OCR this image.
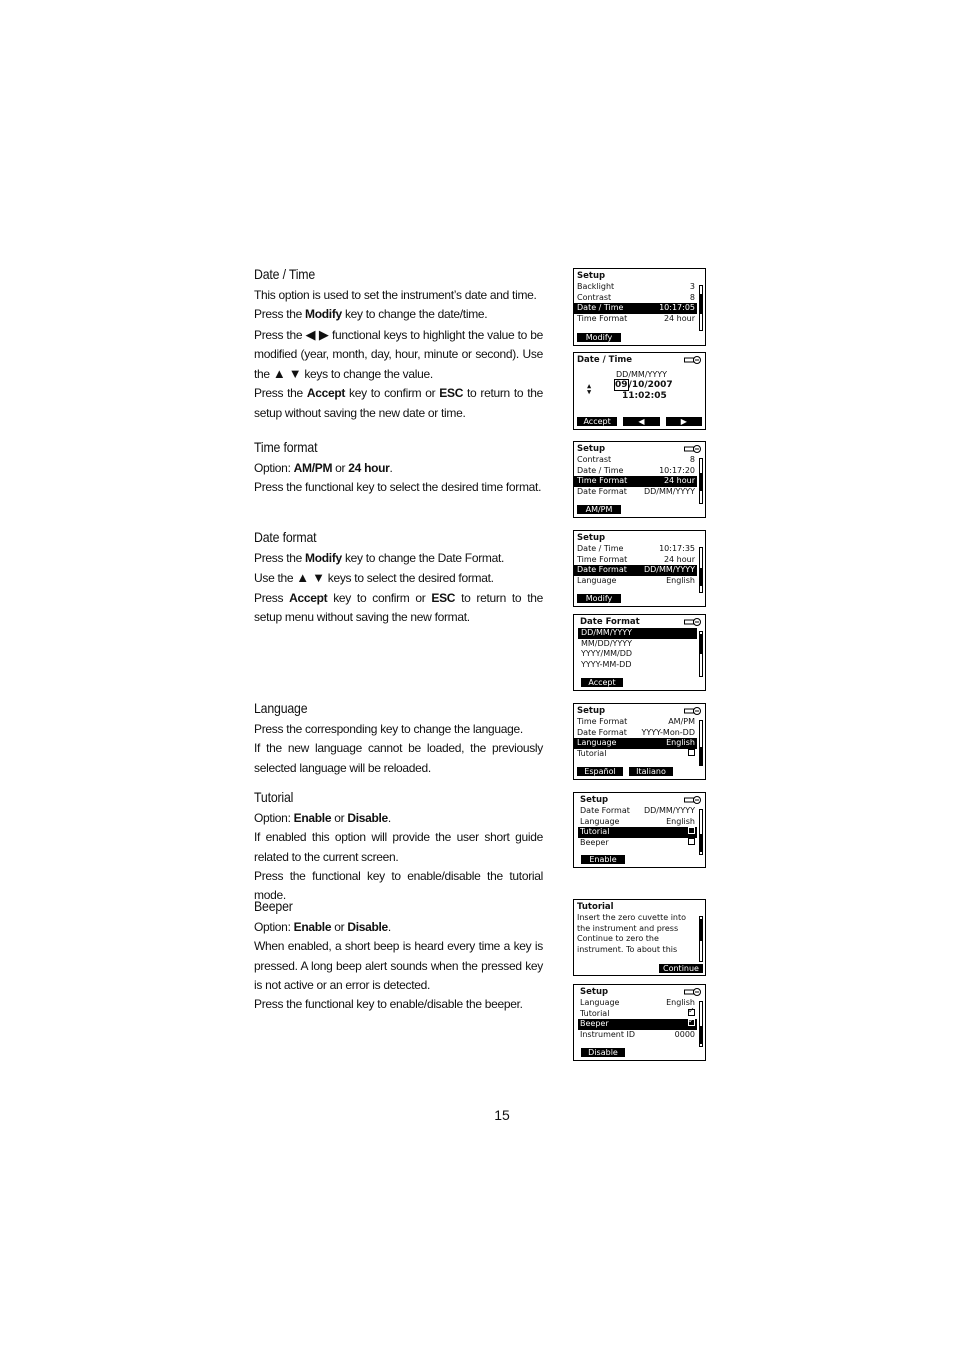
Date / Time

This option is used to set the instrument’s date and time.

Press the Modify key to change the date/time.

Press the ◀ ▶ functional keys to highlight the value to be modified (year, month, day, hour, minute or second). Use the ▲ ▼ keys to change the value.

Press the Accept key to confirm or ESC to return to the setup without saving the new date or time.

Time format

Option: AM/PM or 24 hour.

Press the functional key to select the desired time format.

Date format

Press the Modify key to change the Date Format.

Use the ▲ ▼ keys to select the desired format.

Press Accept key to confirm or ESC to return to the setup menu without saving the new format.

Language

Press the corresponding key to change the language.

If the new language cannot be loaded, the previously selected language will be reloaded.

Tutorial

Option: Enable or Disable.

If enabled this option will provide the user short guide related to the current screen.

Press the functional key to enable/disable the tutorial mode.

Beeper

Option: Enable or Disable.

When enabled, a short beep is heard every time a key is pressed. A long beep alert sounds when the pressed key is not active or an error is detected.

Press the functional key to enable/disable the beeper.

15
Setup
Backlight	3
Contrast	8
Date / Time	10:17:05
Time Format	24 hour
Modify
Date / Time
DD/MM/YYYY
▲
▼
09/10/2007
11:02:05
Accept	◀	▶
Setup
Contrast	8
Date / Time	10:17:20
Time Format	24 hour
Date Format DD/MM/YYYY
AM/PM
Setup
Date / Time	10:17:35
Time Format	24 hour
Date Format DD/MM/YYYY
Language	English
Modify
Date Format
DD/MM/YYYY
MM/DD/YYYY
YYYY/MM/DD
YYYY-MM-DD
Accept
Setup
Time Format	AM/PM
Date Format YYYY-Mon-DD
Language	English
Tutorial
Español	Italiano
Setup
Date Format DD/MM/YYYY
Language	English
Tutorial
Beeper
Enable
Tutorial
Insert the zero cuvette into
the instrument and press
Continue to zero the
instrument. To about this
Continue
Setup
Language	English
Tutorial
✓
Beeper
✓
Instrument ID	0000
Disable
